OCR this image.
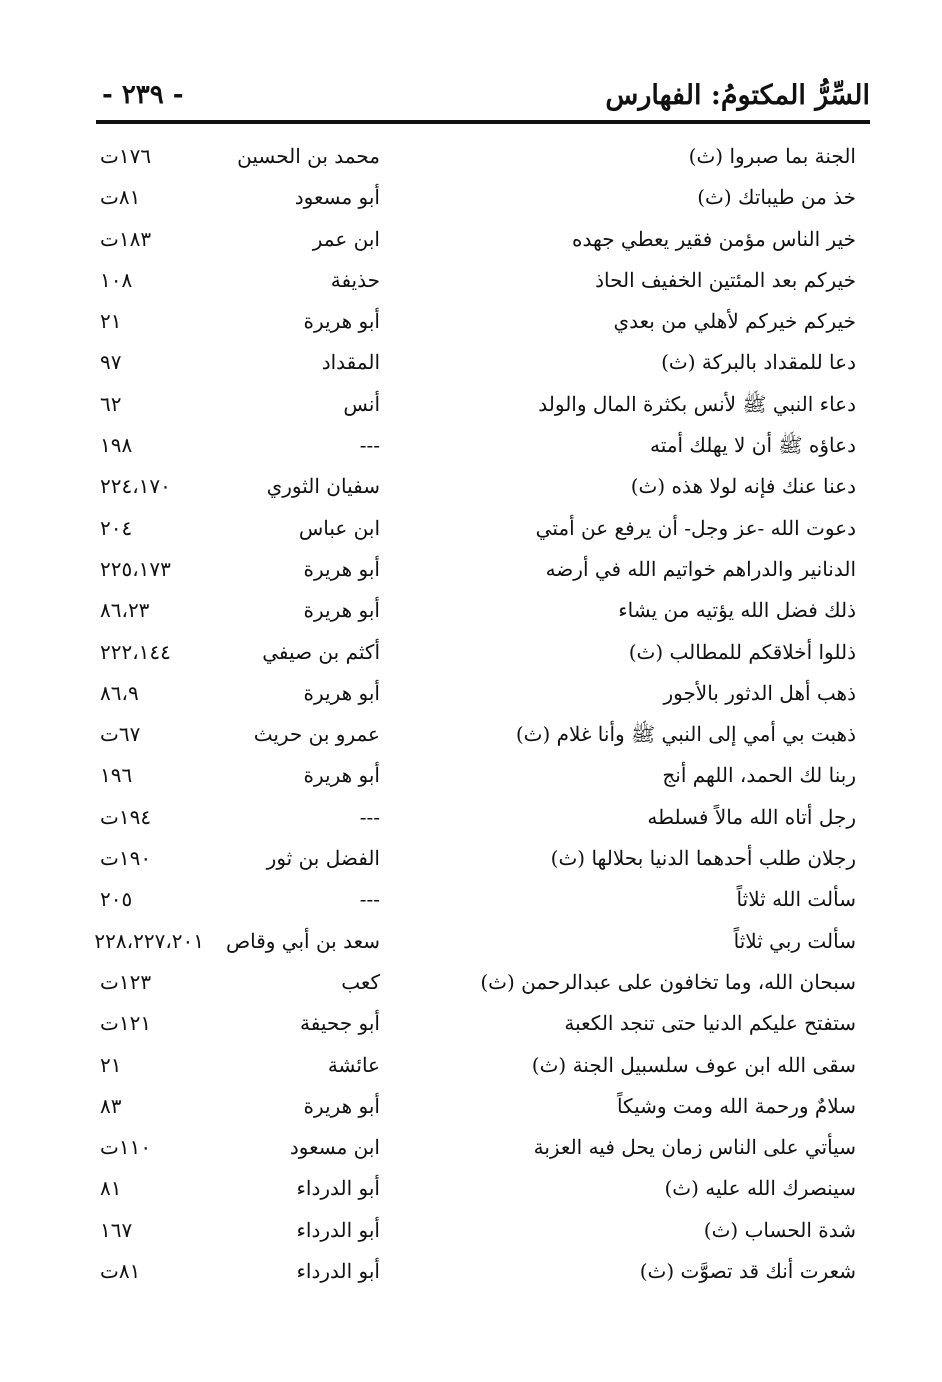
السِّرُّ المكتومُ: الفهارس
- ٢٣٩ -
الجنة بما صبروا (ث)
محمد بن الحسين
١٧٦ت
خذ من طيباتك (ث)
أبو مسعود
٨١ت
خير الناس مؤمن فقير يعطي جهده
ابن عمر
١٨٣ت
خيركم بعد المئتين الخفيف الحاذ
حذيفة
١٠٨
خيركم خيركم لأهلي من بعدي
أبو هريرة
٢١
دعا للمقداد بالبركة (ث)
المقداد
٩٧
دعاء النبي ﷺ لأنس بكثرة المال والولد
أنس
٦٢
دعاؤه ﷺ أن لا يهلك أمته
---
١٩٨
دعنا عنك فإنه لولا هذه (ث)
سفيان الثوري
٢٢٤،١٧٠
دعوت الله -عز وجل- أن يرفع عن أمتي
ابن عباس
٢٠٤
الدنانير والدراهم خواتيم الله في أرضه
أبو هريرة
٢٢٥،١٧٣
ذلك فضل الله يؤتيه من يشاء
أبو هريرة
٨٦،٢٣
ذللوا أخلاقكم للمطالب (ث)
أكثم بن صيفي
٢٢٢،١٤٤
ذهب أهل الدثور بالأجور
أبو هريرة
٨٦،٩
ذهبت بي أمي إلى النبي ﷺ وأنا غلام (ث)
عمرو بن حريث
٦٧ت
ربنا لك الحمد، اللهم أنج
أبو هريرة
١٩٦
رجل أتاه الله مالاً فسلطه
---
١٩٤ت
رجلان طلب أحدهما الدنيا بحلالها (ث)
الفضل بن ثور
١٩٠ت
سألت الله ثلاثاً
---
٢٠٥
سألت ربي ثلاثاً
سعد بن أبي وقاص
٢٢٨،٢٢٧،٢٠١
سبحان الله، وما تخافون على عبدالرحمن (ث)
كعب
١٢٣ت
ستفتح عليكم الدنيا حتى تنجد الكعبة
أبو جحيفة
١٢١ت
سقى الله ابن عوف سلسبيل الجنة (ث)
عائشة
٢١
سلامٌ ورحمة الله ومت وشيكاً
أبو هريرة
٨٣
سيأتي على الناس زمان يحل فيه العزبة
ابن مسعود
١١٠ت
سينصرك الله عليه (ث)
أبو الدرداء
٨١
شدة الحساب (ث)
أبو الدرداء
١٦٧
شعرت أنك قد تصوَّت (ث)
أبو الدرداء
٨١ت
